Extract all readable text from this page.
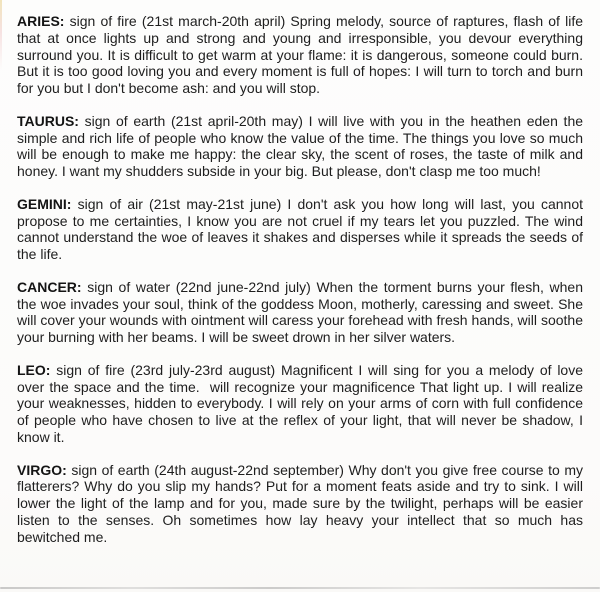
ARIES: sign of fire (21st march-20th april) Spring melody, source of raptures, flash of life that at once lights up and strong and young and irresponsible, you devour everything surround you. It is difficult to get warm at your flame: it is dangerous, someone could burn. But it is too good loving you and every moment is full of hopes: I will turn to torch and burn for you but I don't become ash: and you will stop.

TAURUS: sign of earth (21st april-20th may) I will live with you in the heathen eden the simple and rich life of people who know the value of the time. The things you love so much will be enough to make me happy: the clear sky, the scent of roses, the taste of milk and honey. I want my shudders subside in your big. But please, don't clasp me too much!

GEMINI: sign of air (21st may-21st june) I don't ask you how long will last, you cannot propose to me certainties, I know you are not cruel if my tears let you puzzled. The wind cannot understand the woe of leaves it shakes and disperses while it spreads the seeds of the life.

CANCER: sign of water (22nd june-22nd july) When the torment burns your flesh, when the woe invades your soul, think of the goddess Moon, motherly, caressing and sweet. She will cover your wounds with ointment will caress your forehead with fresh hands, will soothe your burning with her beams. I will be sweet drown in her silver waters.

LEO: sign of fire (23rd july-23rd august) Magnificent I will sing for you a melody of love over the space and the time.  will recognize your magnificence That light up. I will realize your weaknesses, hidden to everybody. I will rely on your arms of corn with full confidence of people who have chosen to live at the reflex of your light, that will never be shadow, I know it.

VIRGO: sign of earth (24th august-22nd september) Why don't you give free course to my flatterers? Why do you slip my hands? Put for a moment feats aside and try to sink. I will lower the light of the lamp and for you, made sure by the twilight, perhaps will be easier listen to the senses. Oh sometimes how lay heavy your intellect that so much has bewitched me.
